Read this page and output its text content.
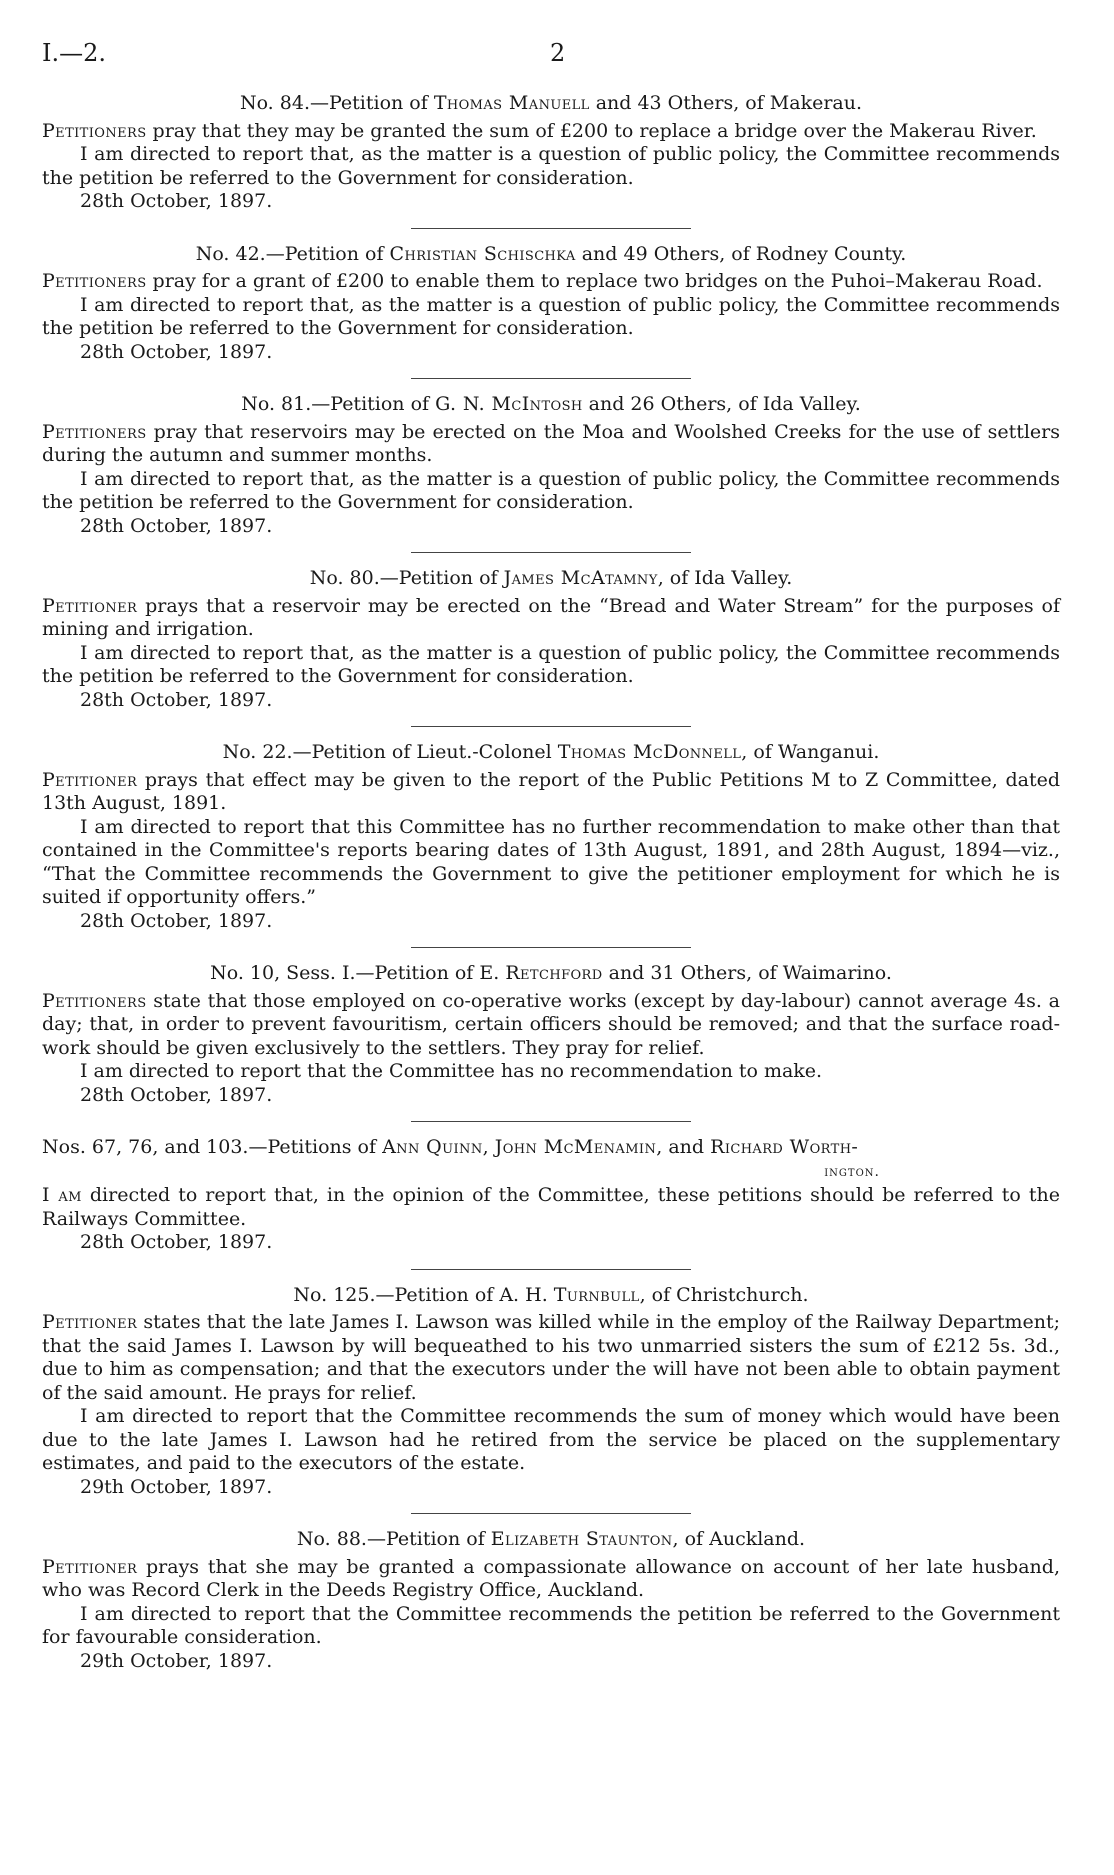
I.—2.	2
No. 84.—Petition of Thomas Manuell and 43 Others, of Makerau.

Petitioners pray that they may be granted the sum of £200 to replace a bridge over the Makerau River.

I am directed to report that, as the matter is a question of public policy, the Committee recommends the petition be referred to the Government for consideration.

28th October, 1897.
No. 42.—Petition of Christian Schischka and 49 Others, of Rodney County.

Petitioners pray for a grant of £200 to enable them to replace two bridges on the Puhoi–Makerau Road.

I am directed to report that, as the matter is a question of public policy, the Committee recommends the petition be referred to the Government for consideration.

28th October, 1897.
No. 81.—Petition of G. N. McIntosh and 26 Others, of Ida Valley.

Petitioners pray that reservoirs may be erected on the Moa and Woolshed Creeks for the use of settlers during the autumn and summer months.

I am directed to report that, as the matter is a question of public policy, the Committee recommends the petition be referred to the Government for consideration.

28th October, 1897.
No. 80.—Petition of James McAtamny, of Ida Valley.

Petitioner prays that a reservoir may be erected on the “Bread and Water Stream” for the purposes of mining and irrigation.

I am directed to report that, as the matter is a question of public policy, the Committee recommends the petition be referred to the Government for consideration.

28th October, 1897.
No. 22.—Petition of Lieut.-Colonel Thomas McDonnell, of Wanganui.

Petitioner prays that effect may be given to the report of the Public Petitions M to Z Committee, dated 13th August, 1891.

I am directed to report that this Committee has no further recommendation to make other than that contained in the Committee's reports bearing dates of 13th August, 1891, and 28th August, 1894—viz., “That the Committee recommends the Government to give the petitioner employment for which he is suited if opportunity offers.”

28th October, 1897.
No. 10, Sess. I.—Petition of E. Retchford and 31 Others, of Waimarino.

Petitioners state that those employed on co-operative works (except by day-labour) cannot average 4s. a day; that, in order to prevent favouritism, certain officers should be removed; and that the surface road-work should be given exclusively to the settlers. They pray for relief.

I am directed to report that the Committee has no recommendation to make.

28th October, 1897.
Nos. 67, 76, and 103.—Petitions of Ann Quinn, John McMenamin, and Richard Worth-
ington.

I am directed to report that, in the opinion of the Committee, these petitions should be referred to the Railways Committee.

28th October, 1897.
No. 125.—Petition of A. H. Turnbull, of Christchurch.

Petitioner states that the late James I. Lawson was killed while in the employ of the Railway Department; that the said James I. Lawson by will bequeathed to his two unmarried sisters the sum of £212 5s. 3d., due to him as compensation; and that the executors under the will have not been able to obtain payment of the said amount. He prays for relief.

I am directed to report that the Committee recommends the sum of money which would have been due to the late James I. Lawson had he retired from the service be placed on the supplementary estimates, and paid to the executors of the estate.

29th October, 1897.
No. 88.—Petition of Elizabeth Staunton, of Auckland.

Petitioner prays that she may be granted a compassionate allowance on account of her late husband, who was Record Clerk in the Deeds Registry Office, Auckland.

I am directed to report that the Committee recommends the petition be referred to the Government for favourable consideration.

29th October, 1897.
